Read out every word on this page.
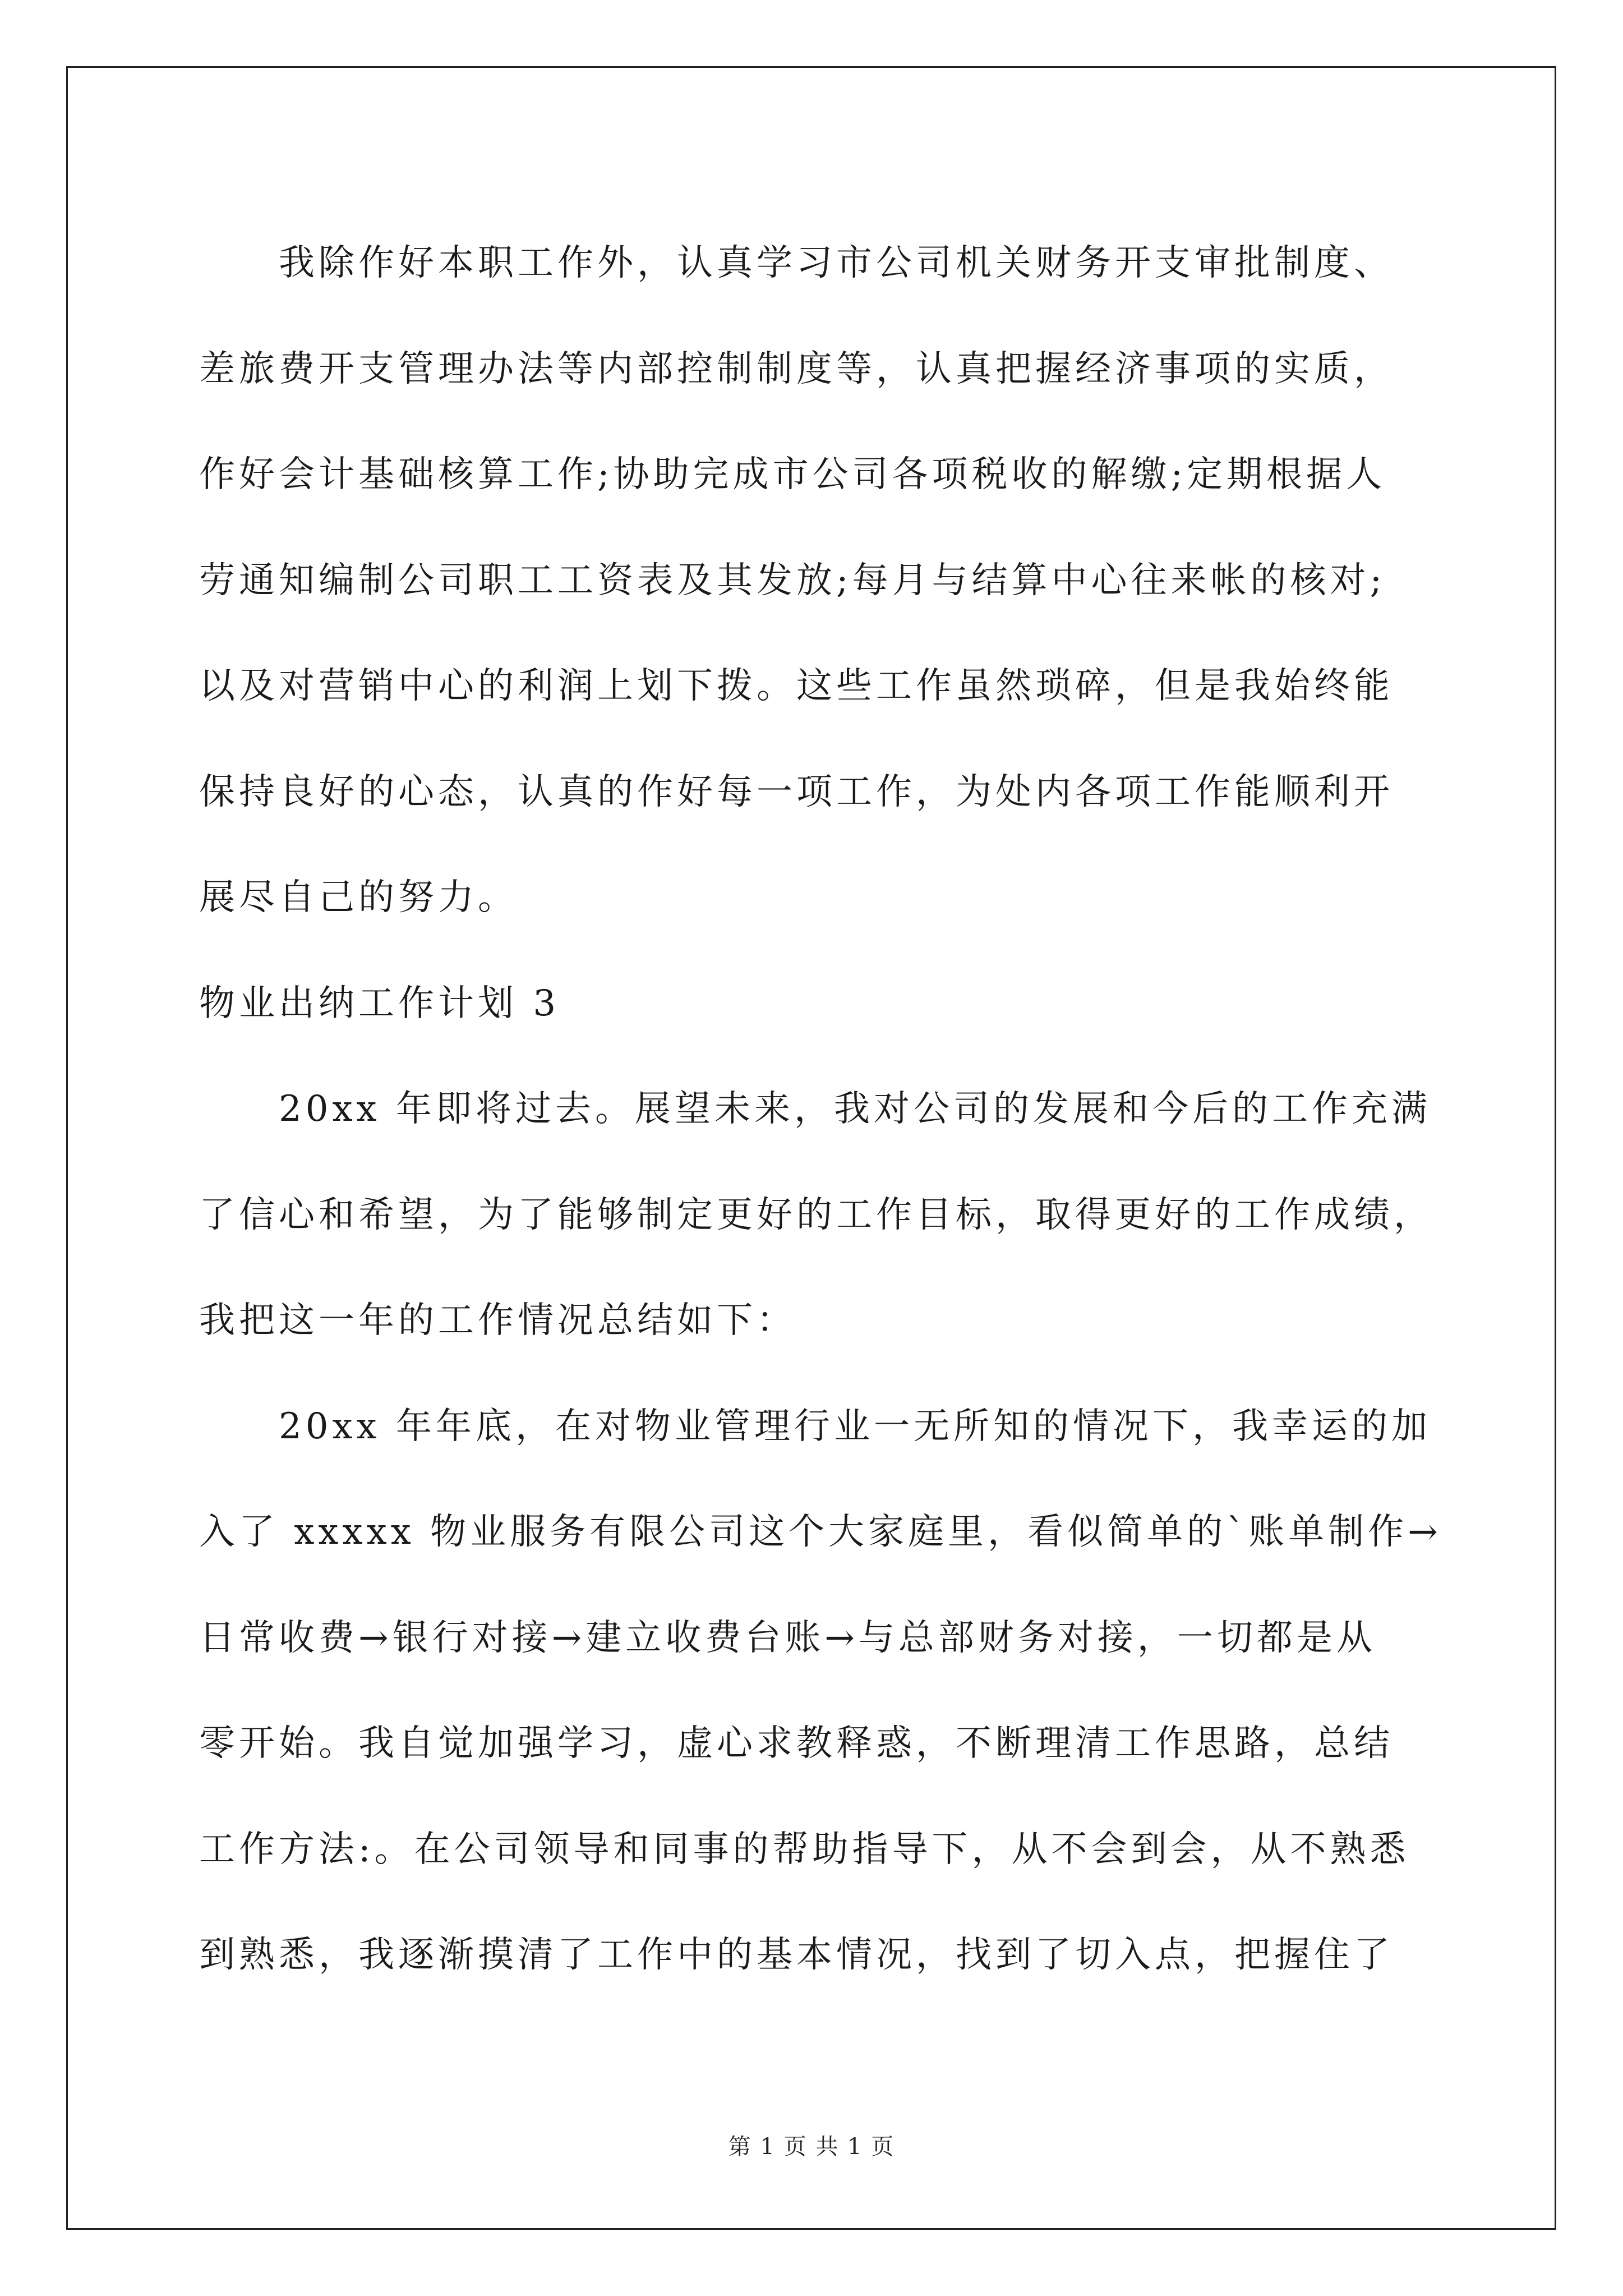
我除作好本职工作外，认真学习市公司机关财务开支审批制度、
差旅费开支管理办法等内部控制制度等，认真把握经济事项的实质，
作好会计基础核算工作;协助完成市公司各项税收的解缴;定期根据人
劳通知编制公司职工工资表及其发放;每月与结算中心往来帐的核对;
以及对营销中心的利润上划下拨。这些工作虽然琐碎，但是我始终能
保持良好的心态，认真的作好每一项工作，为处内各项工作能顺利开
展尽自己的努力。
物业出纳工作计划 3
20xx 年即将过去。展望未来，我对公司的发展和今后的工作充满
了信心和希望，为了能够制定更好的工作目标，取得更好的工作成绩，
我把这一年的工作情况总结如下：
20xx 年年底，在对物业管理行业一无所知的情况下，我幸运的加
入了 xxxxx 物业服务有限公司这个大家庭里，看似简单的`账单制作→
日常收费→银行对接→建立收费台账→与总部财务对接，一切都是从
零开始。我自觉加强学习，虚心求教释惑，不断理清工作思路，总结
工作方法:。在公司领导和同事的帮助指导下，从不会到会，从不熟悉
到熟悉，我逐渐摸清了工作中的基本情况，找到了切入点，把握住了
第 1 页 共 1 页
